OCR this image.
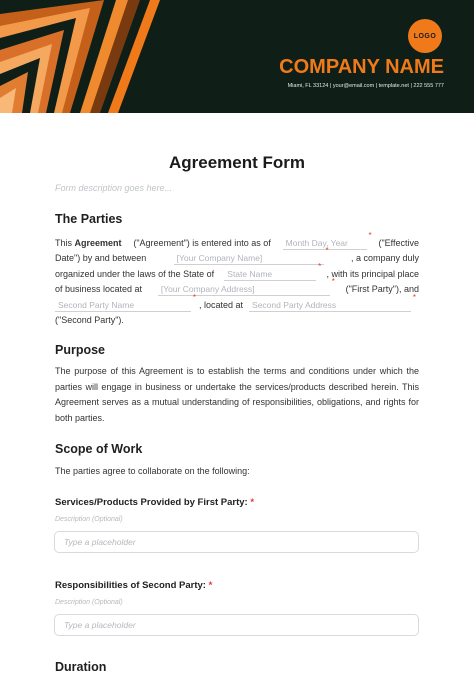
LOGO
COMPANY NAME
Miami, FL 33124 | your@email.com | template.net | 222 555 777
Agreement Form
Form description goes here...
The Parties
This Agreement ("Agreement") is entered into as of	Month Day, Year
*
("Effective
Date") by and between	[Your Company Name]
*
, a company duly
organized under the laws of the State of	State Name
*
, with its principal place
of business located at	[Your Company Address]
*
("First Party"), and
Second Party Name
*
, located at	Second Party Address
*
("Second Party").
Purpose
The purpose of this Agreement is to establish the terms and conditions under which the parties will engage in business or undertake the services/products described herein. This Agreement serves as a mutual understanding of responsibilities, obligations, and rights for both parties.
Scope of Work
The parties agree to collaborate on the following:
Services/Products Provided by First Party: *
Description (Optional)
Type a placeholder
Responsibilities of Second Party: *
Description (Optional)
Type a placeholder
Duration
